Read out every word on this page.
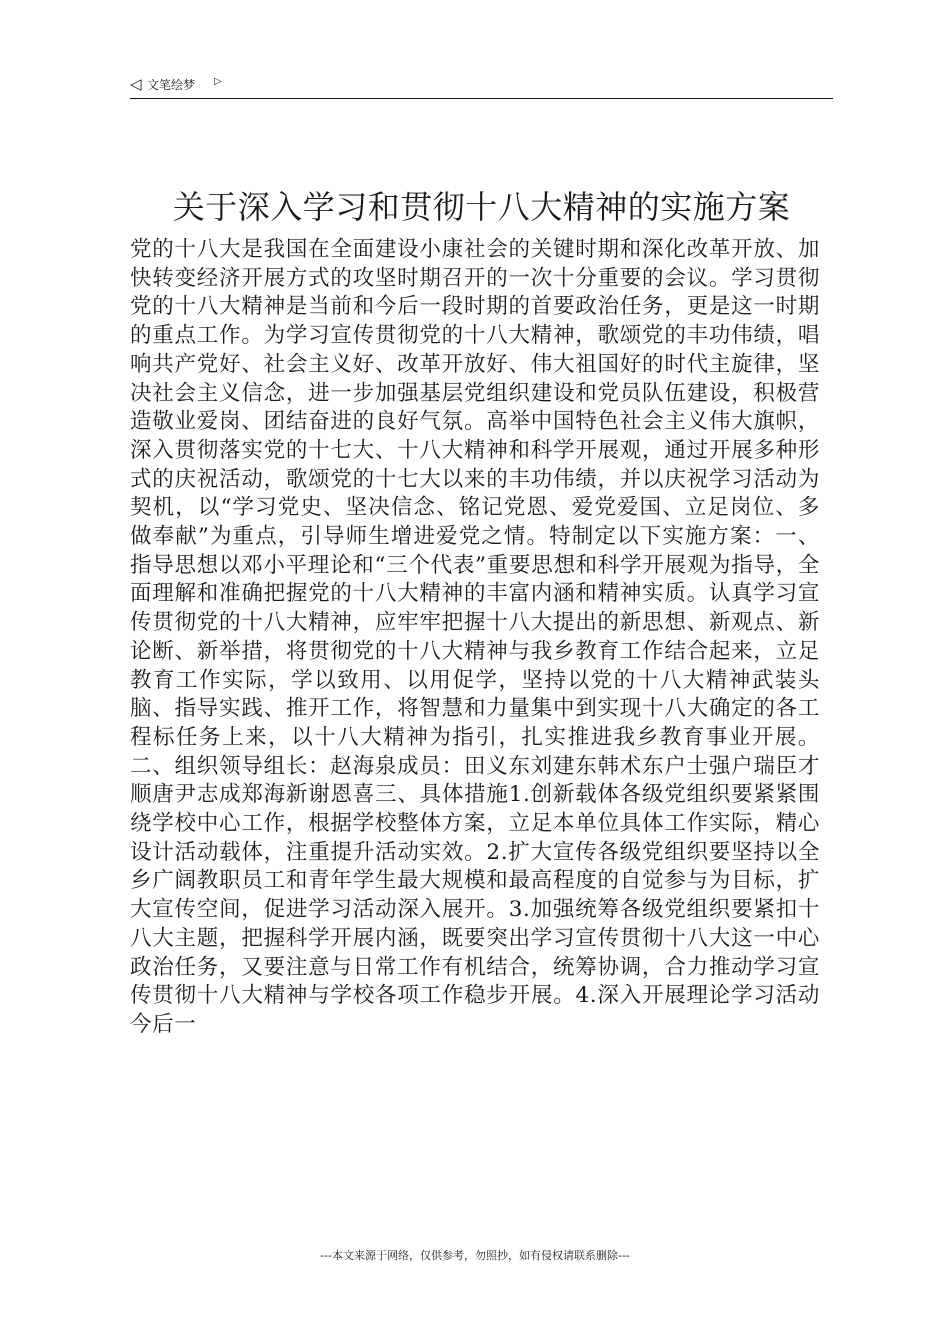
◁ 文笔绘梦 ▷
关于深入学习和贯彻十八大精神的实施方案

党的十八大是我国在全面建设小康社会的关键时期和深化改革开放、加快转变经济开展方式的攻坚时期召开的一次十分重要的会议。学习贯彻党的十八大精神是当前和今后一段时期的首要政治任务，更是这一时期的重点工作。为学习宣传贯彻党的十八大精神，歌颂党的丰功伟绩，唱响共产党好、社会主义好、改革开放好、伟大祖国好的时代主旋律，坚决社会主义信念，进一步加强基层党组织建设和党员队伍建设，积极营造敬业爱岗、团结奋进的良好气氛。高举中国特色社会主义伟大旗帜，深入贯彻落实党的十七大、十八大精神和科学开展观，通过开展多种形式的庆祝活动，歌颂党的十七大以来的丰功伟绩，并以庆祝学习活动为契机，以“学习党史、坚决信念、铭记党恩、爱党爱国、立足岗位、多做奉献”为重点，引导师生增进爱党之情。特制定以下实施方案：一、指导思想以邓小平理论和“三个代表”重要思想和科学开展观为指导，全面理解和准确把握党的十八大精神的丰富内涵和精神实质。认真学习宣传贯彻党的十八大精神，应牢牢把握十八大提出的新思想、新观点、新论断、新举措，将贯彻党的十八大精神与我乡教育工作结合起来，立足教育工作实际，学以致用、以用促学，坚持以党的十八大精神武装头脑、指导实践、推开工作，将智慧和力量集中到实现十八大确定的各工程标任务上来，以十八大精神为指引，扎实推进我乡教育事业开展。二、组织领导组长：赵海泉成员：田义东刘建东韩术东户士强户瑞臣才顺唐尹志成郑海新谢恩喜三、具体措施1.创新载体各级党组织要紧紧围绕学校中心工作，根据学校整体方案，立足本单位具体工作实际，精心设计活动载体，注重提升活动实效。2.扩大宣传各级党组织要坚持以全乡广阔教职员工和青年学生最大规模和最高程度的自觉参与为目标，扩大宣传空间，促进学习活动深入展开。3.加强统筹各级党组织要紧扣十八大主题，把握科学开展内涵，既要突出学习宣传贯彻十八大这一中心政治任务，又要注意与日常工作有机结合，统筹协调，合力推动学习宣传贯彻十八大精神与学校各项工作稳步开展。4.深入开展理论学习活动今后一

---本文来源于网络，仅供参考，勿照抄，如有侵权请联系删除---
